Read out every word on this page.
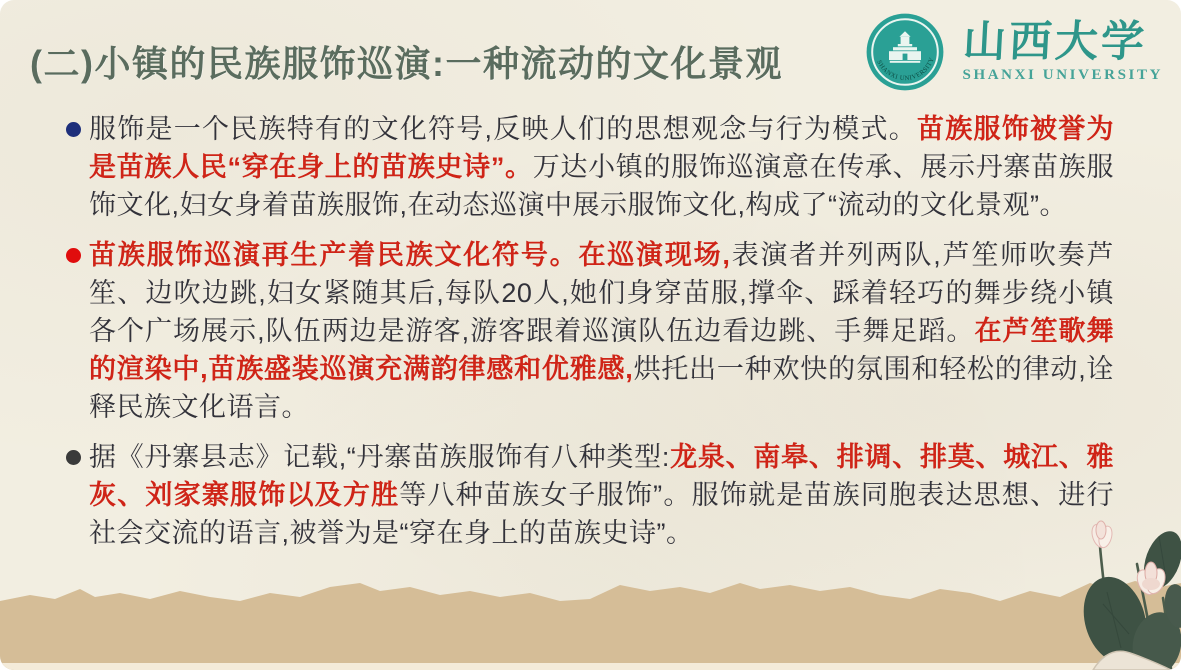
(二)小镇的民族服饰巡演:一种流动的文化景观	SHANXI UNIVERSITY 山西大学
SHANXI UNIVERSITY
服饰是一个民族特有的文化符号,反映人们的思想观念与行为模式。苗族服饰被誉为是苗族人民“穿在身上的苗族史诗”。万达小镇的服饰巡演意在传承、展示丹寨苗族服饰文化,妇女身着苗族服饰,在动态巡演中展示服饰文化,构成了“流动的文化景观”。
苗族服饰巡演再生产着民族文化符号。在巡演现场,表演者并列两队,芦笙师吹奏芦笙、边吹边跳,妇女紧随其后,每队20人,她们身穿苗服,撑伞、踩着轻巧的舞步绕小镇各个广场展示,队伍两边是游客,游客跟着巡演队伍边看边跳、手舞足蹈。在芦笙歌舞的渲染中,苗族盛装巡演充满韵律感和优雅感,烘托出一种欢快的氛围和轻松的律动,诠释民族文化语言。
据《丹寨县志》记载,“丹寨苗族服饰有八种类型:龙泉、南皋、排调、排莫、城江、雅灰、刘家寨服饰以及方胜等八种苗族女子服饰”。服饰就是苗族同胞表达思想、进行社会交流的语言,被誉为是“穿在身上的苗族史诗”。
